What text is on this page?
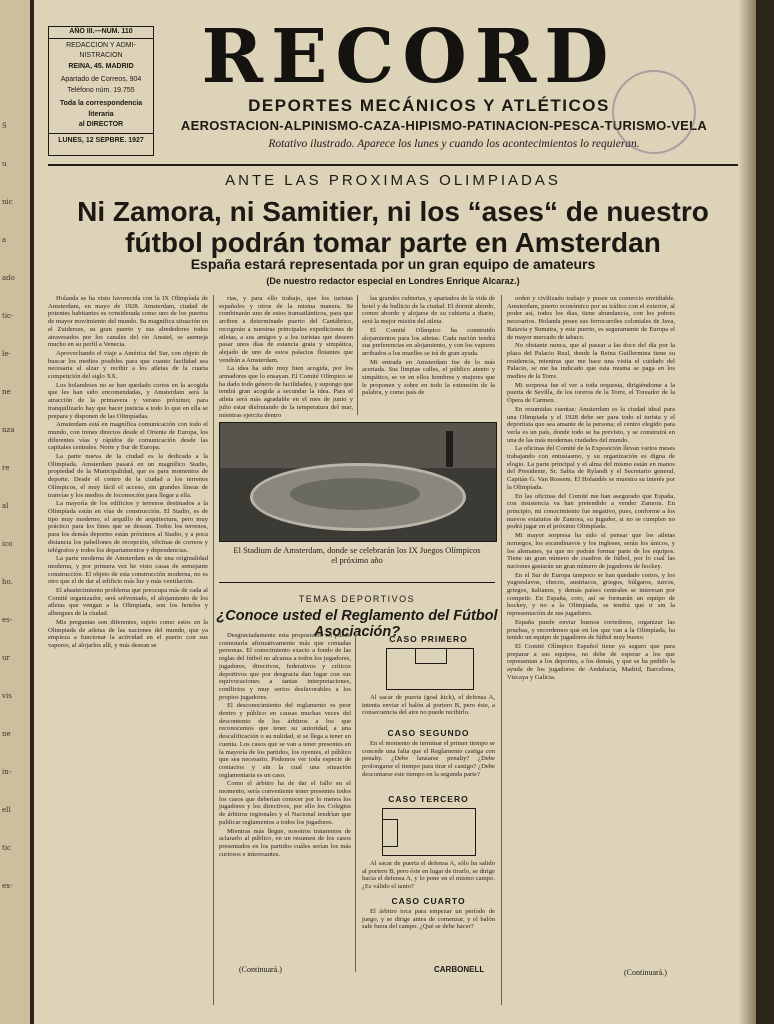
S
u
nic
a
ado
tic-
le-
ne
nza
re
al
ico
ho.
es-
ur
vis
ne
in-
ell
tic
ex-
AÑO III.—NUM. 110
REDACCION Y ADMI-
NISTRACION
REINA, 45. MADRID
Apartado de Correos, 904
Teléfono núm. 19.755
Toda la correspondencia
literaria
al DIRECTOR
LUNES, 12 SEPBRE. 1927
RECORD
DEPORTES MECÁNICOS Y ATLÉTICOS
AEROSTACION-ALPINISMO-CAZA-HIPISMO-PATINACION-PESCA-TURISMO-VELA
Rotativo ilustrado. Aparece los lunes y cuando los acontecimientos lo requieran.
ANTE LAS PROXIMAS OLIMPIADAS
Ni Zamora, ni Samitier, ni los “ases“ de nuestro
fútbol podrán tomar parte en Amsterdan
España estará representada por un gran equipo de amateurs
(De nuestro redactor especial en Londres Enrique Alcaraz.)

Holanda se ha visto favorecida con la IX Olimpíada de Amsterdam, en mayo de 1928. Amsterdam, ciudad de potentes habitantes es considerada como uno de los puertos de mayor movimiento del mundo. Su magnífica situación en el Zuidersee, su gran puerto y sus alrededores todos atravesados por los canales del río Amstel, se asemeja mucho en su perfil a Venecia.

Aprovechando el viaje a América del Sur, con objeto de buscar los medios posibles para que cuanto facilidad sea necesaria al alzar y recibir a los atletas de la cuarta competición del siglo XX.

Los holandeses no se han quedado cortos en la acogida que les han sido encomendadas, y Amsterdam será la atracción de la primavera y verano próximo; para tranquilizarlo hay que hacer justicia a todo lo que en ella se prepara y disponen de las Olimpíadas.

Amsterdam está en magnífica comunicación con todo el mundo, con trenes directos desde el Oriente de Europa, los diferentes vías y rápidos de comunicación desde las capitales centrales. Norte y Sur de Europa.

La parte nueva de la ciudad es la dedicada a la Olimpíada. Amsterdam pasará en un magnífico Stadio, propiedad de la Municipalidad, que es para momentos de deporte. Desde el centro de la ciudad a los terrenos Olímpicos, el muy fácil el acceso, sin grandes líneas de tranvías y los medios de locomoción para llegar a ella.

La mayoría de los edificios y terrenos destinados a la Olimpíada están en vías de construcción. El Stadio, es de tipo muy moderno, el arquillo de arquitectura, pero muy práctico para los fines que se desean. Todos los terrenos, para los demás deportes están próximos al Stadio, y a poca distancia los pabellones de recepción, oficinas de correos y telégrafos y todos los departamentos y dependencias.

La parte moderna de Amsterdam es de una originalidad moderna, y por primera vez he visto casas de semejante construcción. El objeto de esta construcción moderna, no es otro que el de dar al edificio más luz y más ventilación.

El abastecimiento problema que preocupa más de cada al Comité organizador, será solventado, el alojamiento de los atletas que vengan a la Olimpíada, son los hoteles y albergues de la ciudad.

Mis preguntas son diferentes, sujeto como estos en la Olimpiada de atletas de las naciones del mundo, que ya empieza a funcionar la actividad en el puerto con sus vapores, al alojarlos allí, y más desean se

rias, y para ello trabajo, que los turistas españoles y otros de la misma manera. Se combinarán uno de estos transatlánticos, para que arriben a determinado puerto del Cantábrico, recogerán a nuestras principales expediciones de atletas, a sus amigos y a los turistas que deseen pasar unos días de estancia grata y simpática, alejado de uno de estos palacios flotantes que vendrán a Amsterdam.

La idea ha sido muy bien acogida, por los armadores que lo ensayan. El Comité Olímpico se ha dado todo género de facilidades, y supongo que tendrá gran acogida a secundar la idea. Para el atleta será más agradable en el mes de junio y julio estar disfrutando de la temperatura del mar, mientras ejercita dentro

las grandes cubiertas, y apartados de la vida de hotel y de bullicio de la ciudad. El dormir abordo, comer abordo y alojarse de su cubierta a diario, será la mejor misión del atleta.

El Comité Olímpico ha construido alojamientos para los atletas. Cada nación tendrá sus preferencias en alojamiento, y con los vapores arribados a los muelles se irá de gran ayuda.

Mi entrada en Amsterdam fue de lo más acertada. Sus limpias calles, el público atento y simpático, se ve en ellos hombres y mujeres que le proponen y sobre en todo la extensión de la palabra, y como país de

El Stadium de Amsterdam, donde se celebrarán los IX Juegos Olímpicos
el próximo año

orden y civilizado trabajo y posee un comercio envidiable. Amsterdam, puerto económico por su tráfico con el exterior, al poder así, todos los días, tiene abundancia, con los pobres necesarios. Holanda posee sus ferrocarriles coloniales de Java, Batavia y Sumatra, y este puerto, es seguramente de Europa el de mayor mercado de tabaco.

No obstante nunca, que al pasear a las doce del día por la plaza del Palacio Real, donde la Reina Guillermina tiene su residencia, mientras que me hace una visita el cuidado del Palacio, se me ha indicado que esta misma se paga en los medios de la Torre.

Mi sorpresa fue el ver a toda orquesta, dirigiéndome a la puerta de Sevilla, de los toreros de la Torre, el Toreador de la Ópera de Carmen.

En resumidas cuentas: Amsterdam es la ciudad ideal para una Olimpiada y el 1928 debe ser para todo el turista y el deportista que sea amante de la persona; el centro elegido para verla es un país, donde todo se ha previsto, y se construirá en una de las más modernas ciudades del mundo.

La oficinas del Comité de la Exposición llevan varios meses trabajando con entusiasmo, y su organización es digna de elogio. La parte principal y el alma del mismo están en manos del Presidente, Sr. Sabia de Rylandt y el Secretario general, Capitán G. Van Rossem. El Holandés se muestra su interés por la Olimpíada.

En las oficinas del Comité me han asegurado que España, con insistencia va han pretendido a vender Zamora. En principio, mi conocimiento fue negativo, pues, conforme a los nuevos estatutos de Zamora, su jugador, si no se cumplen no podrá jugar en el próximo Olimpíada.

Mi mayor sorpresa ha sido el pensar que los atletas noruegos, los escandinavos y los ingleses, serán los únicos, y los alemanes, ya que no podrán formar parte de los equipos. Tiene un gran número de cuadros de fútbol, por lo cual las naciones gastarán un gran número de jugadores de hockey.

En el Sur de Europa tampoco se han quedado cortos, y los yugoeslavos, checos, austriacos, griegos, búlgaros, turcos, griegos, italianos, y demás países centrales se interesan por competir. En España, creo, así se formarán un equipo de hockey, y no a la Olimpíada, se tendrá que ir sin la representación de sus jugadores.

España puede enviar buenos corredores, organizar las pruebas, y recordemos que en los que van a la Olimpíada, ha tenido un equipo de jugadores de fútbol muy bueno.

El Comité Olímpico Español tiene ya seguro que para preparar a sus equipos, no debe de esperar a los que representan a los deportes, a los demás, y que se ha pedido la ayuda de los jugadores de Andalucía, Madrid, Barcelona, Vizcaya y Galicia.

(Continuará.)
TEMAS DEPORTIVOS
¿Conoce usted el Reglamento del Fútbol Asociación?

Desgraciadamente esta proposición no puedo contestarla afirmativamente más que contadas personas. El conocimiento exacto a fondo de las reglas del fútbol no alcanza a todos los jugadores, jugadores, directivos, federativos y críticos deportivos que por desgracia dan lugar con sus equivocaciones a tantas interpretaciones, conflictos y muy serios desfavorables a los propios jugadores.

El desconocimiento del reglamento es peor dentro y público en causas muchas veces del descontento de los árbitros a los que reconocemos que tener su autoridad, a una descalificación o su nulidad, si se llega a tener en cuenta. Los casos que se van a tener presentes en la mayoría de los partidos, los oyentes, el público que sea necesario. Podemos ver toda especie de contactos y sin la cual una situación reglamentaria es un caso.

Como el árbitro ha de dar el fallo en el momento, sería conveniente tener presentes todos los casos que deberían conocer por lo menos los jugadores y los directivos, por ello los Colegios de árbitros regionales y el Nacional tendrían que publicar reglamentos a todos los jugadores.

Mientras más llegue, nosotros trataremos de aclararlo al público, en un resumen de los casos presentados en los partidos cuáles serían los más curiosos e interesantes.

CASO PRIMERO

Al sacar de puerta (goal kick), el defensa A, intenta enviar el balón al portero B, pero éste, a consecuencia del aire no puede recibirlo.

CASO SEGUNDO

En el momento de terminar el primer tiempo se concede una falta que el Reglamento castiga con penalty. ¿Debe lanzarse penalty? ¿Debe prolongarse el tiempo para tirar el castigo? ¿Debe descontarse este tiempo en la segunda parte?

CASO TERCERO

Al sacar de puerta el defensa A, sólo ha salido al portero B, pero éste en lugar de tirarlo, se dirige hacia el defensa A, y lo pone en el mismo campo. ¿Es válido el tanto?

CASO CUARTO

El árbitro toca para empezar un período de juego, y se dirige antes de comenzar, y el balón sale fuera del campo. ¿Qué se debe hacer?

(Continuará.)	CARBONELL
